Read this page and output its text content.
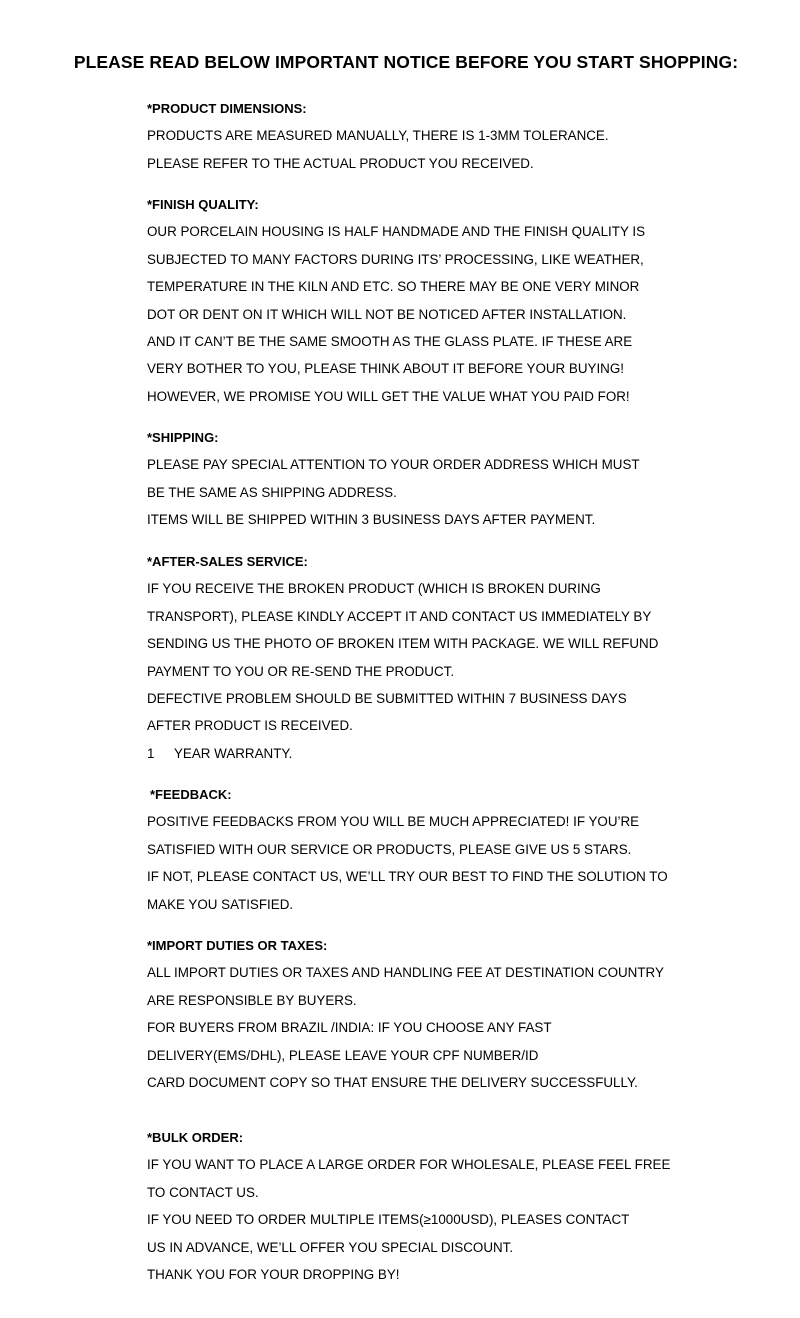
PLEASE READ BELOW IMPORTANT NOTICE BEFORE YOU START SHOPPING:
*PRODUCT DIMENSIONS:
PRODUCTS ARE MEASURED MANUALLY, THERE IS 1-3MM TOLERANCE.
PLEASE REFER TO THE ACTUAL PRODUCT YOU RECEIVED.
*FINISH QUALITY:
OUR PORCELAIN HOUSING IS HALF HANDMADE AND THE FINISH QUALITY IS
SUBJECTED TO MANY FACTORS DURING ITS’ PROCESSING, LIKE WEATHER,
TEMPERATURE IN THE KILN AND ETC. SO THERE MAY BE ONE VERY MINOR
DOT OR DENT ON IT WHICH WILL NOT BE NOTICED AFTER INSTALLATION.
AND IT CAN’T BE THE SAME SMOOTH AS THE GLASS PLATE. IF THESE ARE
VERY BOTHER TO YOU, PLEASE THINK ABOUT IT BEFORE YOUR BUYING!
HOWEVER, WE PROMISE YOU WILL GET THE VALUE WHAT YOU PAID FOR!
*SHIPPING:
PLEASE PAY SPECIAL ATTENTION TO YOUR ORDER ADDRESS WHICH MUST
BE THE SAME AS SHIPPING ADDRESS.
ITEMS WILL BE SHIPPED WITHIN 3 BUSINESS DAYS AFTER PAYMENT.
*AFTER-SALES SERVICE:
IF YOU RECEIVE THE BROKEN PRODUCT (WHICH IS BROKEN DURING
TRANSPORT), PLEASE KINDLY ACCEPT IT AND CONTACT US IMMEDIATELY BY
SENDING US THE PHOTO OF BROKEN ITEM WITH PACKAGE. WE WILL REFUND
PAYMENT TO YOU OR RE-SEND THE PRODUCT.
DEFECTIVE PROBLEM SHOULD BE SUBMITTED WITHIN 7 BUSINESS DAYS
AFTER PRODUCT IS RECEIVED.
1 YEAR WARRANTY.
*FEEDBACK:
POSITIVE FEEDBACKS FROM YOU WILL BE MUCH APPRECIATED! IF YOU’RE
SATISFIED WITH OUR SERVICE OR PRODUCTS, PLEASE GIVE US 5 STARS.
IF NOT, PLEASE CONTACT US, WE’LL TRY OUR BEST TO FIND THE SOLUTION TO
MAKE YOU SATISFIED.
*IMPORT DUTIES OR TAXES:
ALL IMPORT DUTIES OR TAXES AND HANDLING FEE AT DESTINATION COUNTRY
ARE RESPONSIBLE BY BUYERS.
FOR BUYERS FROM BRAZIL /INDIA: IF YOU CHOOSE ANY FAST
DELIVERY(EMS/DHL), PLEASE LEAVE YOUR CPF NUMBER/ID
CARD DOCUMENT COPY SO THAT ENSURE THE DELIVERY SUCCESSFULLY.
*BULK ORDER:
IF YOU WANT TO PLACE A LARGE ORDER FOR WHOLESALE, PLEASE FEEL FREE
TO CONTACT US.
IF YOU NEED TO ORDER MULTIPLE ITEMS(≥1000USD), PLEASES CONTACT
US IN ADVANCE, WE’LL OFFER YOU SPECIAL DISCOUNT.
THANK YOU FOR YOUR DROPPING BY!
